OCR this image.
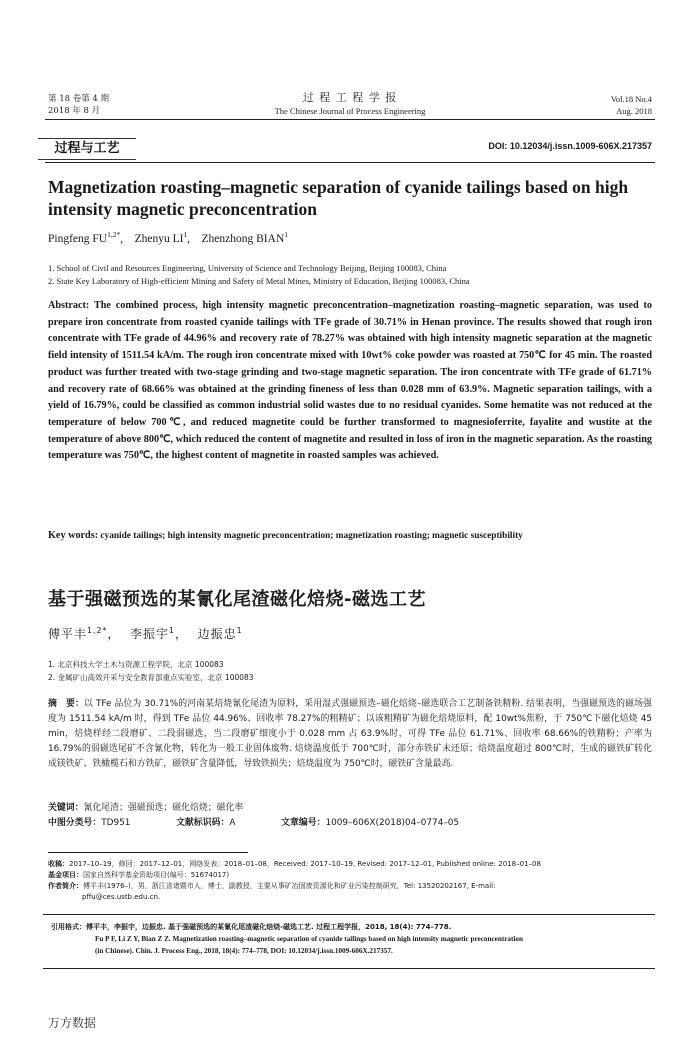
第 18 卷第 4 期
2018 年 8 月
过 程 工 程 学 报
The Chinese Journal of Process Engineering
Vol.18 No.4
Aug. 2018
过程与工艺	DOI: 10.12034/j.issn.1009-606X.217357
Magnetization roasting–magnetic separation of cyanide tailings based on high intensity magnetic preconcentration
Pingfeng $FU^{1,2*}$,    Zhenyu $LI^1$,    Zhenzhong BIAN$^1$
1. School of Civil and Resources Engineering, University of Science and Technology Beijing, Beijing 100083, China
2. State Key Laboratory of High-efficient Mining and Safety of Metal Mines, Ministry of Education, Beijing 100083, China
Abstract: The combined process, high intensity magnetic preconcentration–magnetization roasting–magnetic separation, was used to prepare iron concentrate from roasted cyanide tailings with TFe grade of 30.71% in Henan province. The results showed that rough iron concentrate with TFe grade of 44.96% and recovery rate of 78.27% was obtained with high intensity magnetic separation at the magnetic field intensity of 1511.54 kA/m. The rough iron concentrate mixed with 10wt% coke powder was roasted at 750℃ for 45 min. The roasted product was further treated with two-stage grinding and two-stage magnetic separation. The iron concentrate with TFe grade of 61.71% and recovery rate of 68.66% was obtained at the grinding fineness of less than 0.028 mm of 63.9%. Magnetic separation tailings, with a yield of 16.79%, could be classified as common industrial solid wastes due to no residual cyanides. Some hematite was not reduced at the temperature of below 700℃, and reduced magnetite could be further transformed to magnesioferrite, fayalite and wustite at the temperature of above 800℃, which reduced the content of magnetite and resulted in loss of iron in the magnetic separation. As the roasting temperature was 750℃, the highest content of magnetite in roasted samples was achieved.
Key words: cyanide tailings; high intensity magnetic preconcentration; magnetization roasting; magnetic susceptibility
基于强磁预选的某氰化尾渣磁化焙烧-磁选工艺
傅平丰$^{1,2*}$，  李振宇$^1$，  边振忠$^1$
1. 北京科技大学土木与资源工程学院，北京 100083
2. 金属矿山高效开采与安全教育部重点实验室，北京 100083
摘　要：以 TFe 品位为 30.71%的河南某焙烧氰化尾渣为原料，采用湿式强磁预选–磁化焙烧–磁选联合工艺制备铁精粉. 结果表明，当强磁预选的磁场强度为 1511.54 kA/m 时，得到 TFe 品位 44.96%、回收率 78.27%的粗精矿；以该粗精矿为磁化焙烧原料，配 10wt%焦粉，于 750℃下磁化焙烧 45 min，焙烧样经二段磨矿、二段弱磁选，当二段磨矿细度小于 0.028 mm 占 63.9%时，可得 TFe 品位 61.71%、回收率 68.66%的铁精粉；产率为 16.79%的弱磁选尾矿不含氰化物，转化为一般工业固体废物. 焙烧温度低于 700℃时，部分赤铁矿未还原；焙烧温度超过 800℃时，生成的磁铁矿转化成镁铁矿、铁橄榄石和方铁矿，磁铁矿含量降低，导致铁损失；焙烧温度为 750℃时，磁铁矿含量最高.
关键词：氰化尾渣；强磁预选；磁化焙烧；磁化率
中图分类号：TD951	文献标识码：A	文章编号：1009–606X(2018)04–0774–05
收稿：2017–10–19，修回：2017–12–01，网络发表：2018–01–08，Received: 2017–10–19, Revised: 2017–12–01, Published online: 2018–01–08
基金项目：国家自然科学基金资助项目(编号：51674017)
作者简介：傅平丰(1976–)，男，浙江省诸暨市人，博士，副教授，主要从事矿冶固废资源化和矿业污染控制研究，Tel: 13520202167, E-mail:
pffu@ces.ustb.edu.cn.
引用格式：傅平丰，李振宇，边振忠. 基于强磁预选的某氰化尾渣磁化焙烧-磁选工艺. 过程工程学报，2018, 18(4): 774–778.
Fu P F, Li Z Y, Bian Z Z. Magnetization roasting–magnetic separation of cyanide tailings based on high intensity magnetic preconcentration
(in Chinese). Chin. J. Process Eng., 2018, 18(4): 774–778, DOI: 10.12034/j.issn.1009-606X.217357.
万方数据
